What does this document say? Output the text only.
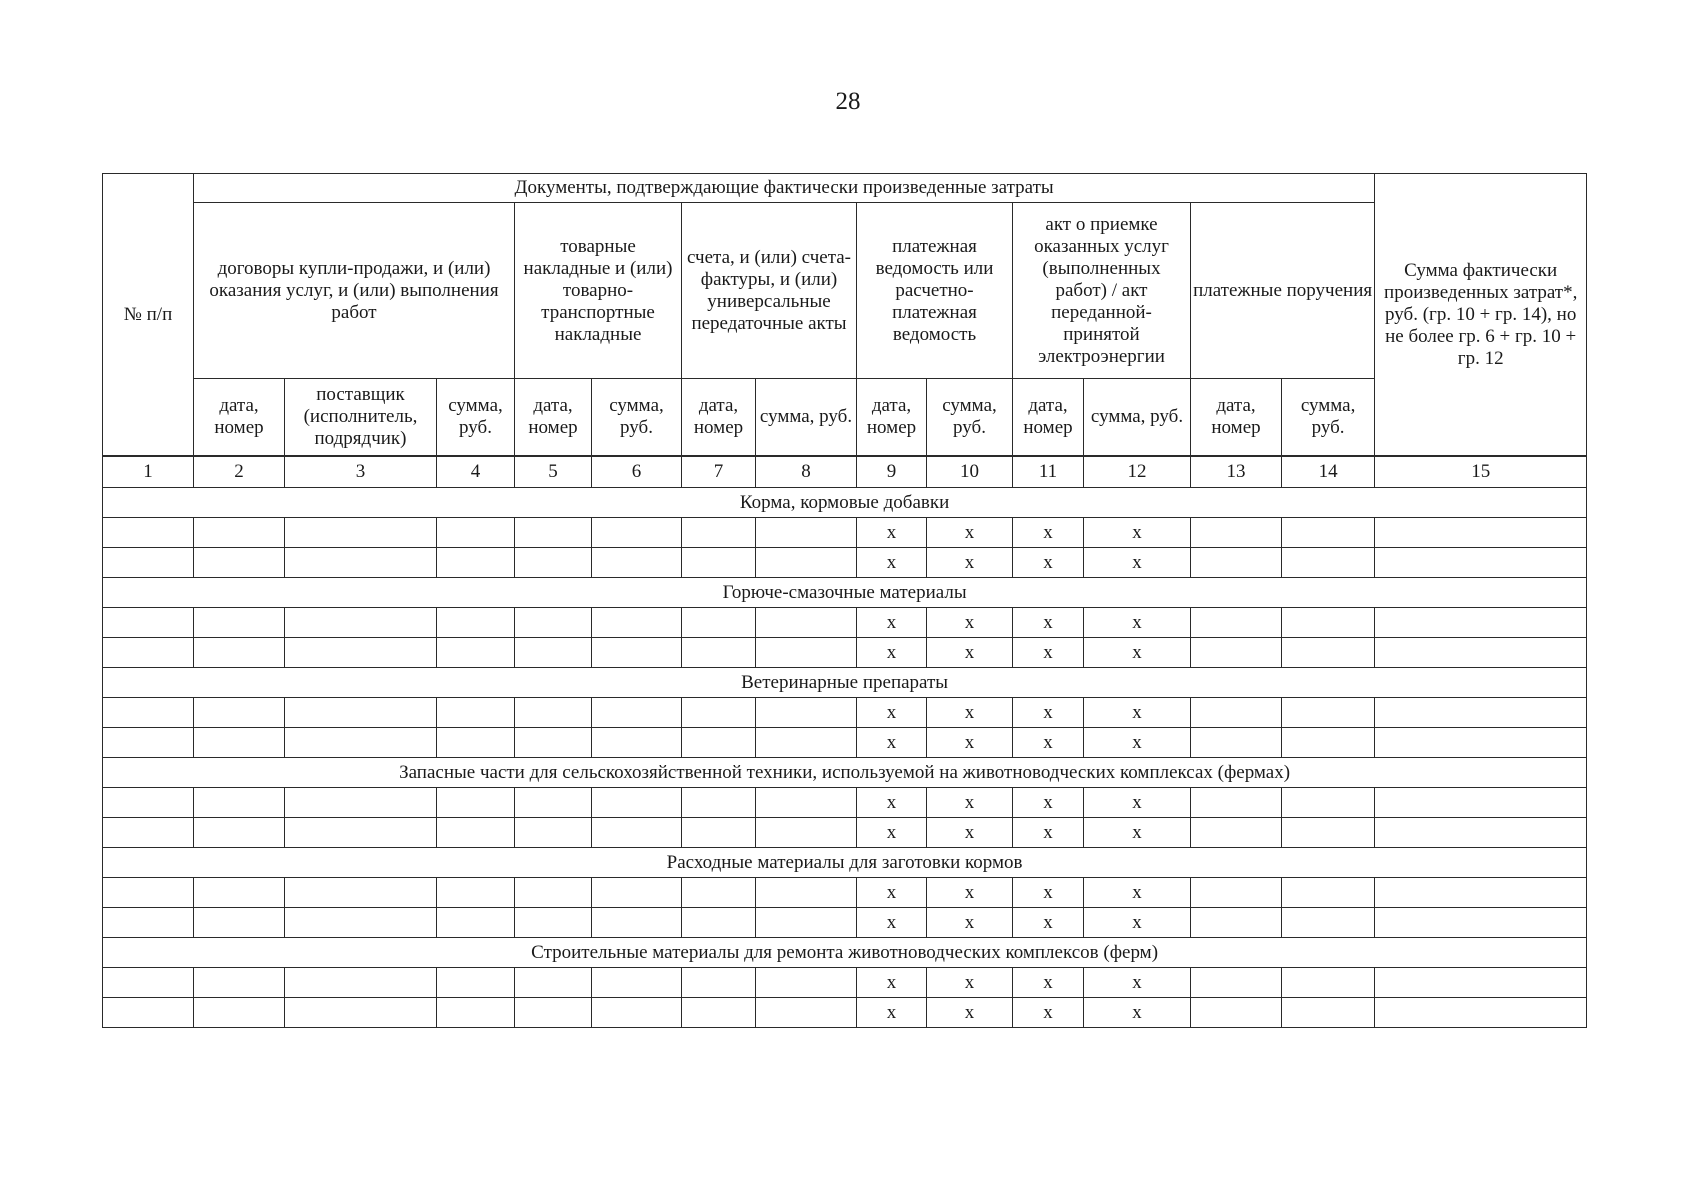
28
№ п/п	Документы, подтверждающие фактически произведенные затраты													Сумма фактически произведенных затрат*, руб. (гр. 10 + гр. 14), но не более гр. 6 + гр. 10 + гр. 12
	договоры купли-продажи, и (или) оказания услуг, и (или) выполнения работ			товарные накладные и (или) товарно-транспортные накладные		счета, и (или) счета-фактуры, и (или) универсальные передаточные акты		платежная ведомость или расчетно-платежная ведомость		акт о приемке оказанных услуг (выполненных работ) / акт переданной-принятой электроэнергии		платежные поручения		
	дата, номер	поставщик (исполнитель, подрядчик)	сумма, руб.	дата, номер	сумма, руб.	дата, номер	сумма, руб.	дата, номер	сумма, руб.	дата, номер	сумма, руб.	дата, номер	сумма, руб.	
1	2	3	4	5	6	7	8	9	10	11	12	13	14	15
Корма, кормовые добавки														
								x	x	x	x			
								x	x	x	x			
Горюче-смазочные материалы														
								x	x	x	x			
								x	x	x	x			
Ветеринарные препараты														
								x	x	x	x			
								x	x	x	x			
Запасные части для сельскохозяйственной техники, используемой на животноводческих комплексах (фермах)														
								x	x	x	x			
								x	x	x	x			
Расходные материалы для заготовки кормов														
								x	x	x	x			
								x	x	x	x			
Строительные материалы для ремонта животноводческих комплексов (ферм)														
								x	x	x	x			
								x	x	x	x			
